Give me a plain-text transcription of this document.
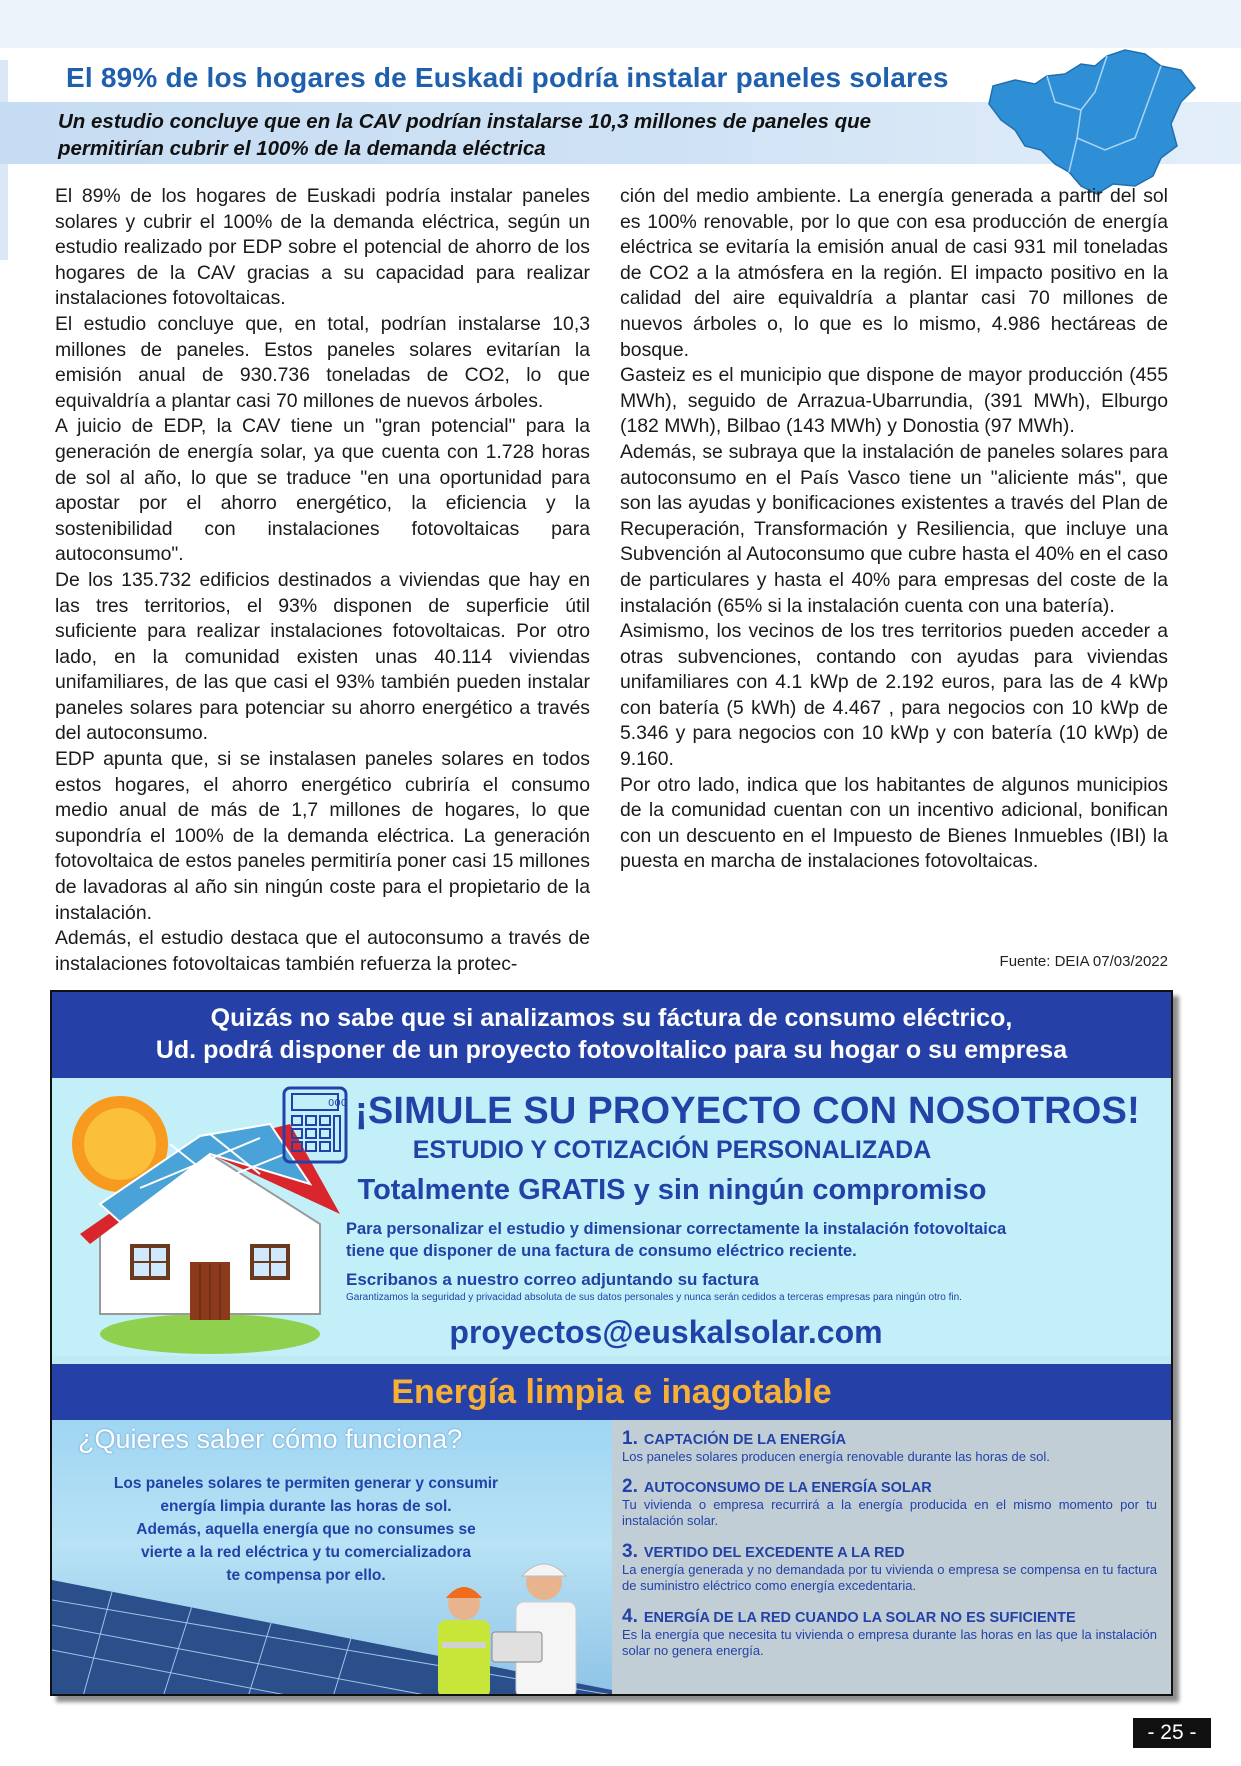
El 89% de los hogares de Euskadi podría instalar paneles solares
Un estudio concluye que en la CAV podrían instalarse 10,3 millones de paneles que
permitirían cubrir el 100% de la demanda eléctrica

El 89% de los hogares de Euskadi podría instalar paneles solares y cubrir el 100% de la demanda eléctrica, según un estudio realizado por EDP sobre el potencial de ahorro de los hogares de la CAV gracias a su capacidad para realizar instalaciones fotovoltaicas.

El estudio concluye que, en total, podrían instalarse 10,3 millones de paneles. Estos paneles solares evitarían la emisión anual de 930.736 toneladas de CO2, lo que equivaldría a plantar casi 70 millones de nuevos árboles.

A juicio de EDP, la CAV tiene un "gran potencial" para la generación de energía solar, ya que cuenta con 1.728 horas de sol al año, lo que se traduce "en una oportunidad para apostar por el ahorro energético, la eficiencia y la sostenibilidad con instalaciones fotovoltaicas para autoconsumo".

De los 135.732 edificios destinados a viviendas que hay en las tres territorios, el 93% disponen de superficie útil suficiente para realizar instalaciones fotovoltaicas. Por otro lado, en la comunidad existen unas 40.114 viviendas unifamiliares, de las que casi el 93% también pueden instalar paneles solares para potenciar su ahorro energético a través del autoconsumo.

EDP apunta que, si se instalasen paneles solares en todos estos hogares, el ahorro energético cubriría el consumo medio anual de más de 1,7 millones de hogares, lo que supondría el 100% de la demanda eléctrica. La generación fotovoltaica de estos paneles permitiría poner casi 15 millones de lavadoras al año sin ningún coste para el propietario de la instalación.

Además, el estudio destaca que el autoconsumo a través de instalaciones fotovoltaicas también refuerza la protec-

ción del medio ambiente. La energía generada a partir del sol es 100% renovable, por lo que con esa producción de energía eléctrica se evitaría la emisión anual de casi 931 mil toneladas de CO2 a la atmósfera en la región. El impacto positivo en la calidad del aire equivaldría a plantar casi 70 millones de nuevos árboles o, lo que es lo mismo, 4.986 hectáreas de bosque.

Gasteiz es el municipio que dispone de mayor producción (455 MWh), seguido de Arrazua-Ubarrundia, (391 MWh), Elburgo (182 MWh), Bilbao (143 MWh) y Donostia (97 MWh).

Además, se subraya que la instalación de paneles solares para autoconsumo en el País Vasco tiene un "aliciente más", que son las ayudas y bonificaciones existentes a través del Plan de Recuperación, Transformación y Resiliencia, que incluye una Subvención al Autoconsumo que cubre hasta el 40% en el caso de particulares y hasta el 40% para empresas del coste de la instalación (65% si la instalación cuenta con una batería).

Asimismo, los vecinos de los tres territorios pueden acceder a otras subvenciones, contando con ayudas para viviendas unifamiliares con 4.1 kWp de 2.192 euros, para las de 4 kWp con batería (5 kWh) de 4.467 , para negocios con 10 kWp de 5.346 y para negocios con 10 kWp y con batería (10 kWp) de 9.160.

Por otro lado, indica que los habitantes de algunos municipios de la comunidad cuentan con un incentivo adicional, bonifican con un descuento en el Impuesto de Bienes Inmuebles (IBI) la puesta en marcha de instalaciones fotovoltaicas.

Fuente: DEIA 07/03/2022
Quizás no sabe que si analizamos su fáctura de consumo eléctrico,
Ud. podrá disponer de un proyecto fotovoltalico para su hogar o su empresa
000 ¡SIMULE SU PROYECTO CON NOSOTROS!
ESTUDIO Y COTIZACIÓN PERSONALIZADA
Totalmente GRATIS y sin ningún compromiso
Para personalizar el estudio y dimensionar correctamente la instalación fotovoltaica
tiene que disponer de una factura de consumo eléctrico reciente.
Escribanos a nuestro correo adjuntando su factura
Garantizamos la seguridad y privacidad absoluta de sus datos personales y nunca serán cedidos a terceras empresas para ningún otro fin.
proyectos@euskalsolar.com
Energía limpia e inagotable
¿Quieres saber cómo funciona?
Los paneles solares te permiten generar y consumir
energía limpia durante las horas de sol.
Además, aquella energía que no consumes se
vierte a la red eléctrica y tu comercializadora
te compensa por ello.
1. CAPTACIÓN DE LA ENERGÍA
Los paneles solares producen energía renovable durante las horas de sol.
2. AUTOCONSUMO DE LA ENERGÍA SOLAR
Tu vivienda o empresa recurrirá a la energía producida en el mismo momento por tu instalación solar.
3. VERTIDO DEL EXCEDENTE A LA RED
La energía generada y no demandada por tu vivienda o empresa se compensa en tu factura de suministro eléctrico como energía excedentaria.
4. ENERGÍA DE LA RED CUANDO LA SOLAR NO ES SUFICIENTE
Es la energía que necesita tu vivienda o empresa durante las horas en las que la instalación solar no genera energía.
- 25 -
